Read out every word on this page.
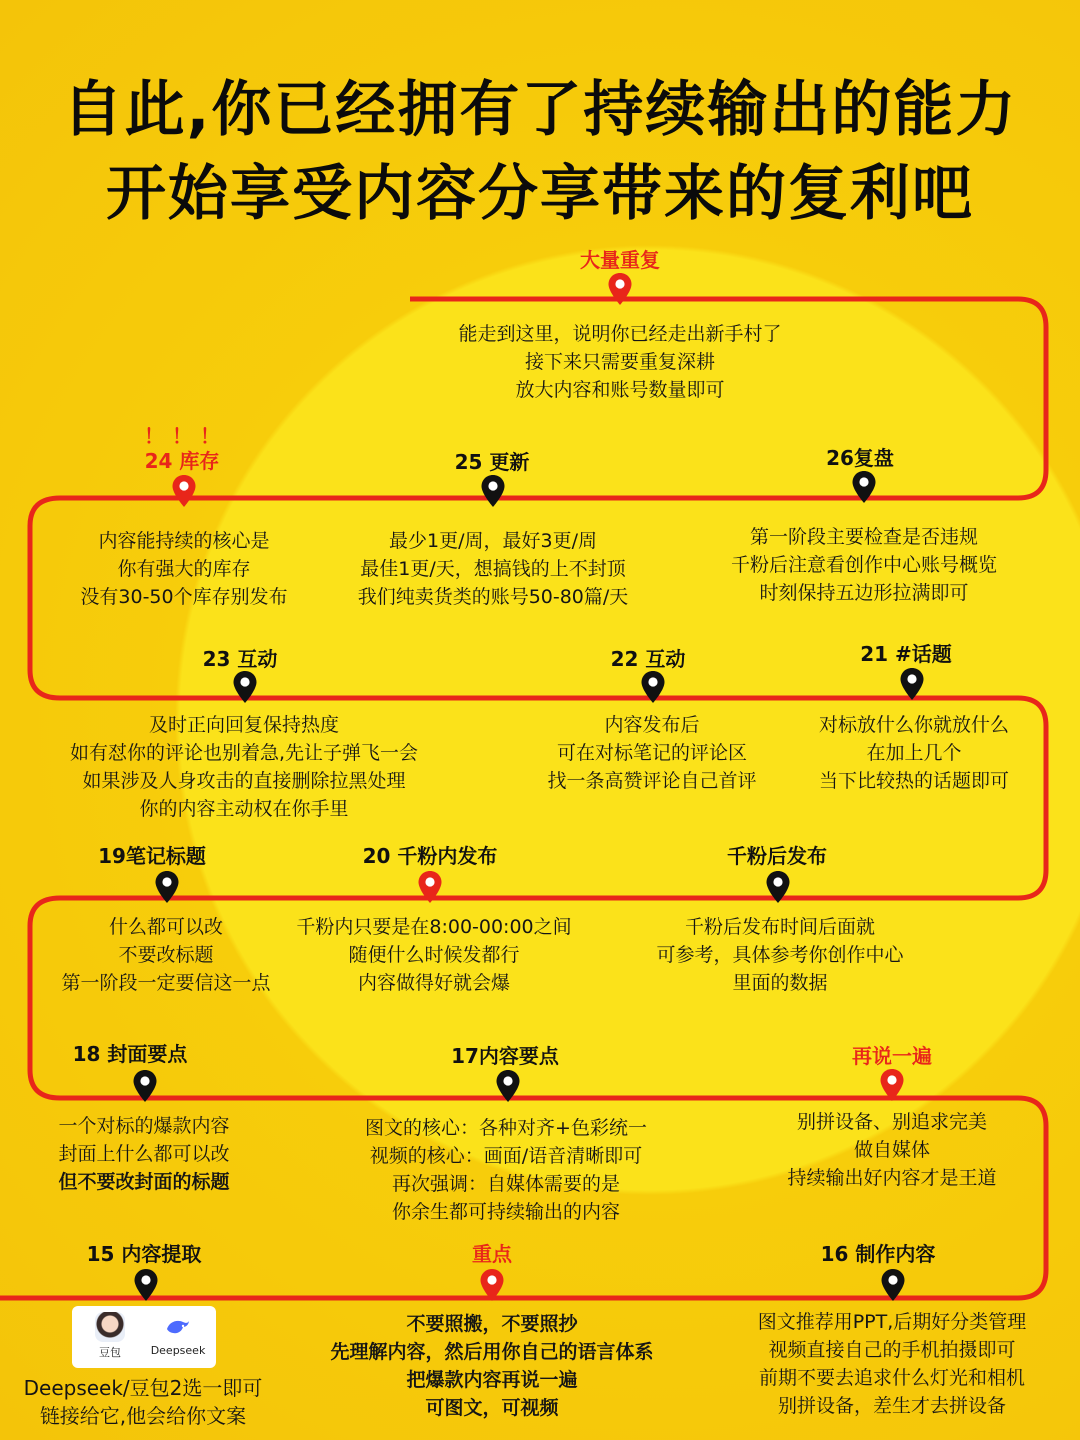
自此,你已经拥有了持续输出的能力
开始享受内容分享带来的复利吧
大量重复
能走到这里，说明你已经走出新手村了
接下来只需要重复深耕
放大内容和账号数量即可
！！！
24 库存
内容能持续的核心是
你有强大的库存
没有30-50个库存别发布
25 更新
最少1更/周，最好3更/周
最佳1更/天，想搞钱的上不封顶
我们纯卖货类的账号50-80篇/天
26复盘
第一阶段主要检查是否违规
千粉后注意看创作中心账号概览
时刻保持五边形拉满即可
23 互动
及时正向回复保持热度
如有怼你的评论也别着急,先让子弹飞一会
如果涉及人身攻击的直接删除拉黑处理
你的内容主动权在你手里
22 互动
内容发布后
可在对标笔记的评论区
找一条高赞评论自己首评
21 #话题
对标放什么你就放什么
在加上几个
当下比较热的话题即可
19笔记标题
什么都可以改
不要改标题
第一阶段一定要信这一点
20 千粉内发布
千粉内只要是在8:00-00:00之间
随便什么时候发都行
内容做得好就会爆
千粉后发布
千粉后发布时间后面就
可参考，具体参考你创作中心
里面的数据
18 封面要点
一个对标的爆款内容
封面上什么都可以改
但不要改封面的标题
17内容要点
图文的核心：各种对齐+色彩统一
视频的核心：画面/语音清晰即可
再次强调：自媒体需要的是
你余生都可持续输出的内容
再说一遍
别拼设备、别追求完美
做自媒体
持续输出好内容才是王道
15 内容提取
豆包	Deepseek
Deepseek/豆包2选一即可
链接给它,他会给你文案
重点
不要照搬，不要照抄
先理解内容，然后用你自己的语言体系
把爆款内容再说一遍
可图文，可视频
16 制作内容
图文推荐用PPT,后期好分类管理
视频直接自己的手机拍摄即可
前期不要去追求什么灯光和相机
别拼设备，差生才去拼设备
